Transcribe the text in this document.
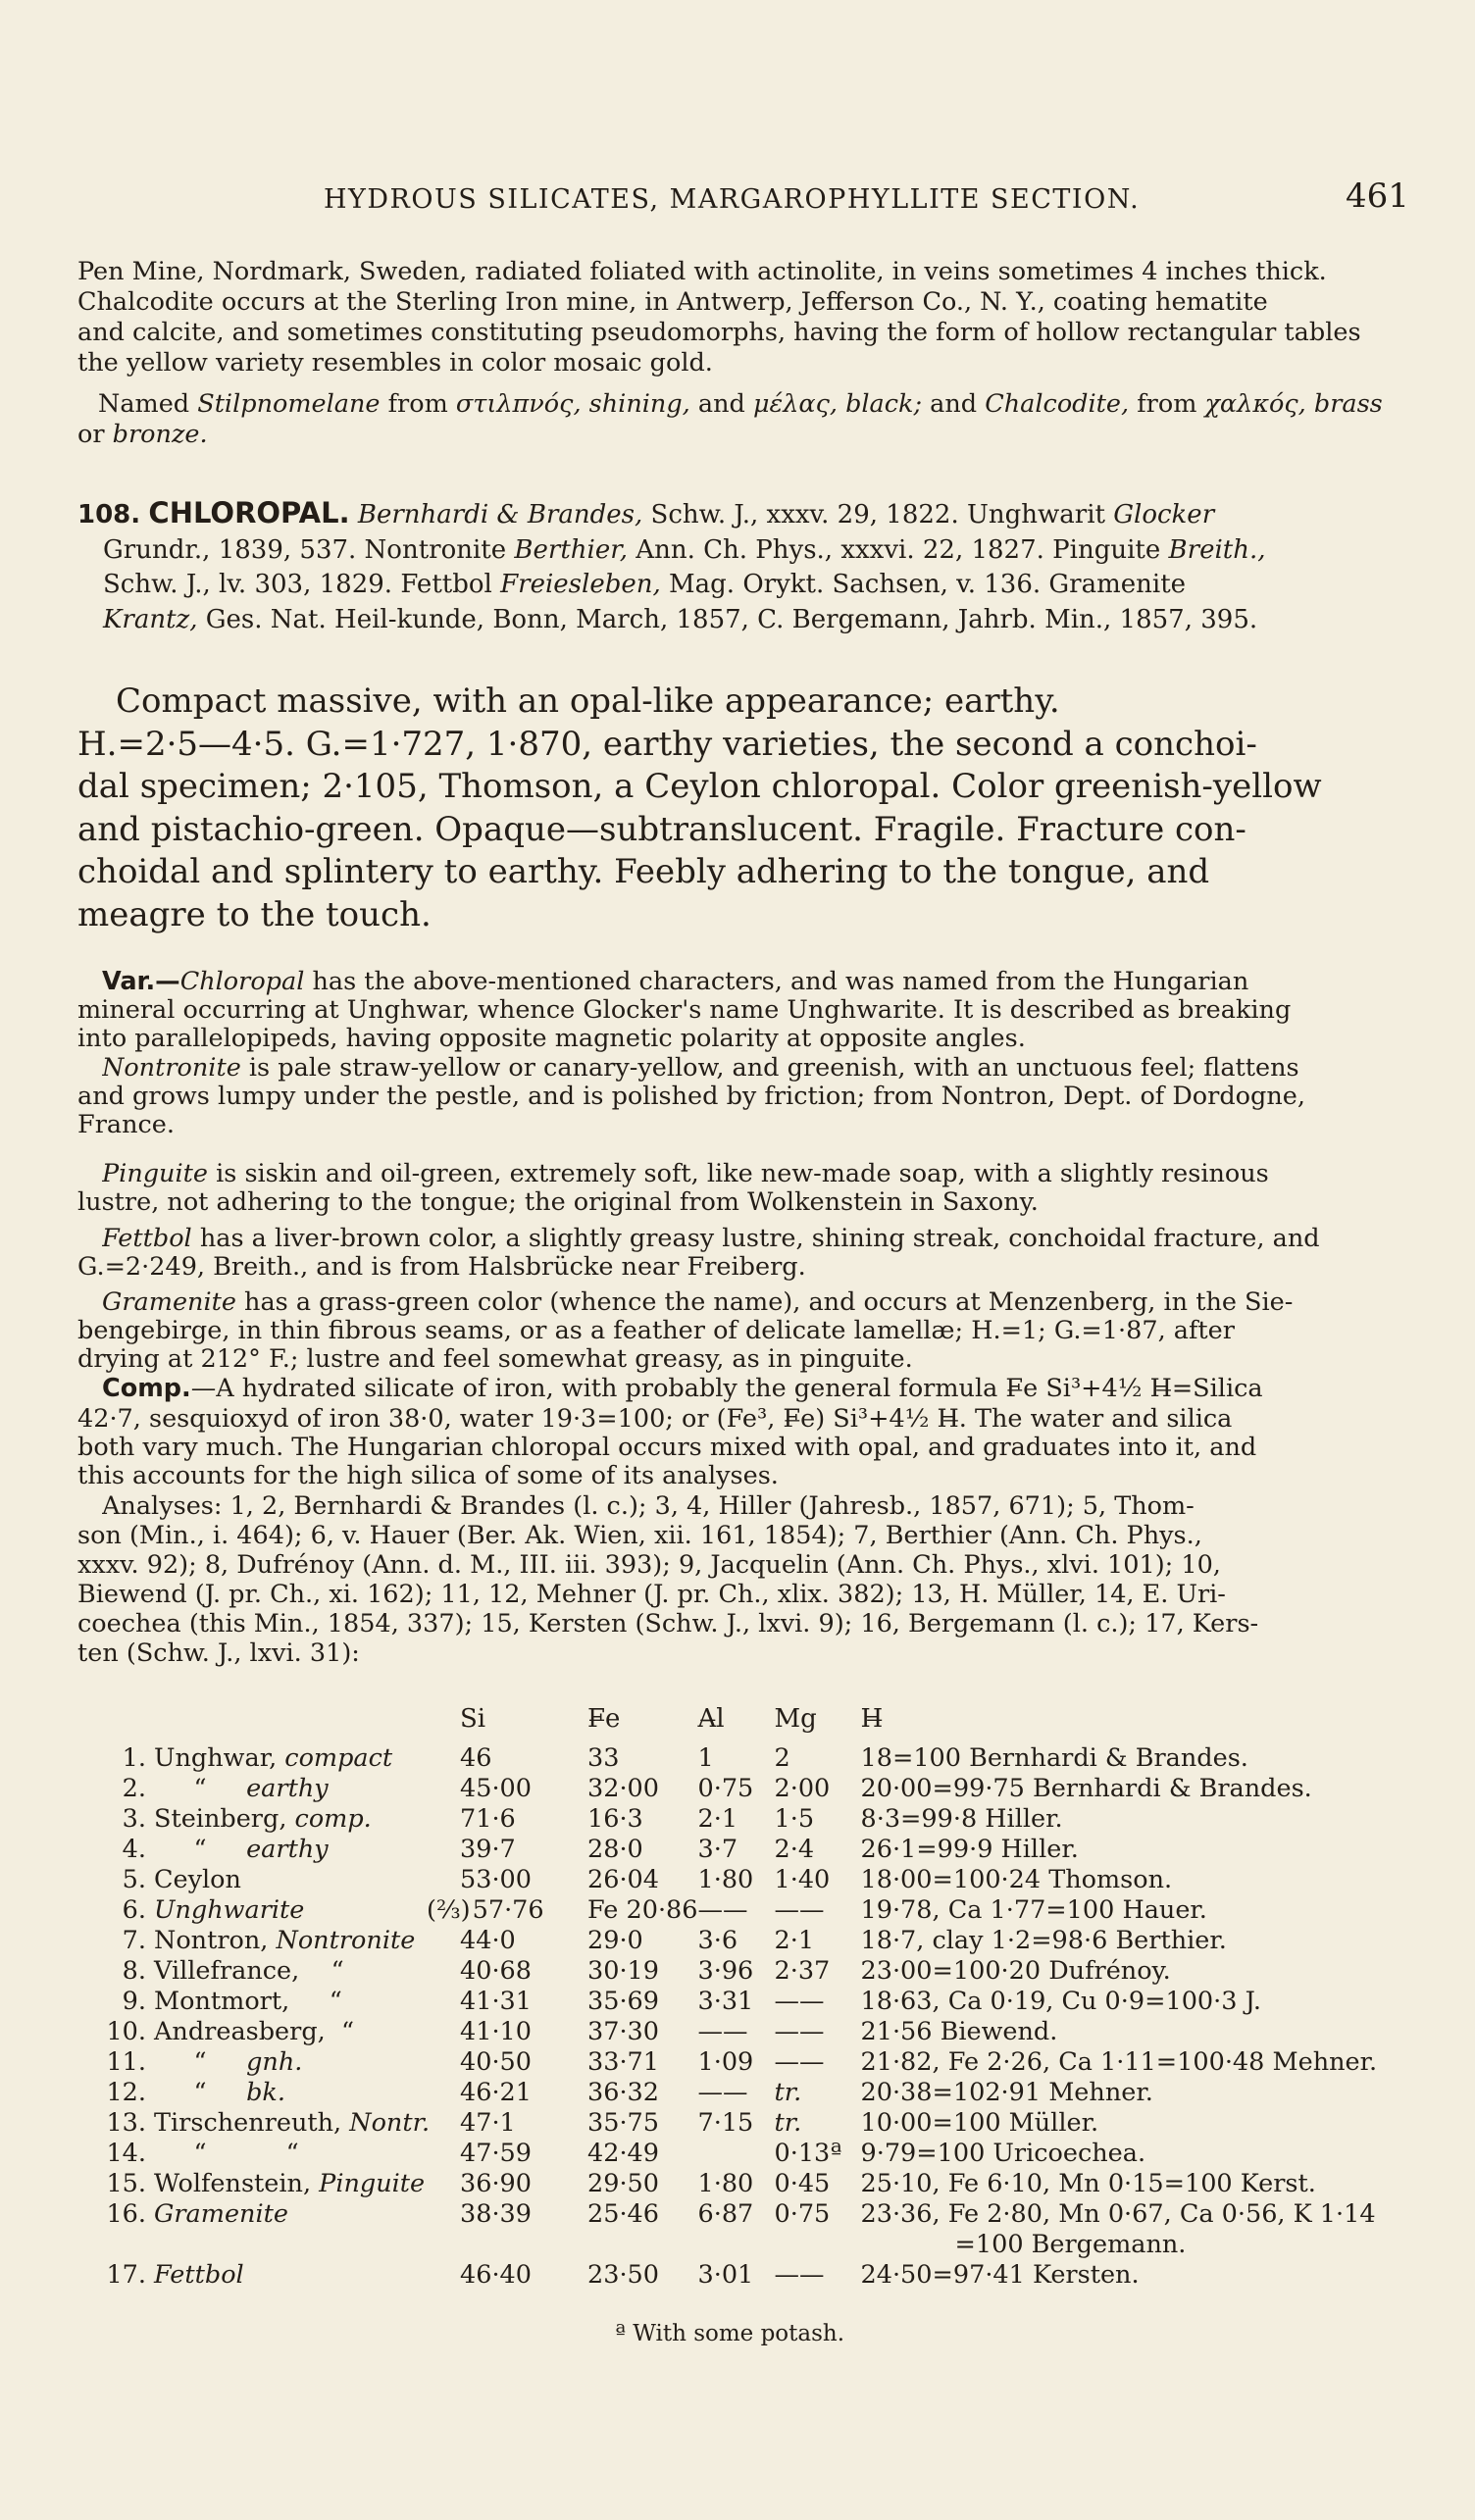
HYDROUS SILICATES, MARGAROPHYLLITE SECTION.	461
Pen Mine, Nordmark, Sweden, radiated foliated with actinolite, in veins sometimes 4 inches thick.
Chalcodite occurs at the Sterling Iron mine, in Antwerp, Jefferson Co., N. Y., coating hematite
and calcite, and sometimes constituting pseudomorphs, having the form of hollow rectangular tables
the yellow variety resembles in color mosaic gold.
Named Stilpnomelane from στιλπνός, shining, and μέλας, black; and Chalcodite, from χαλκός, brass
or bronze.
108. CHLOROPAL. Bernhardi & Brandes, Schw. J., xxxv. 29, 1822. Unghwarit Glocker
Grundr., 1839, 537. Nontronite Berthier, Ann. Ch. Phys., xxxvi. 22, 1827. Pinguite Breith.,
Schw. J., lv. 303, 1829. Fettbol Freiesleben, Mag. Orykt. Sachsen, v. 136. Gramenite
Krantz, Ges. Nat. Heil-kunde, Bonn, March, 1857, C. Bergemann, Jahrb. Min., 1857, 395.
Compact massive, with an opal-like appearance; earthy.
H.=2·5—4·5. G.=1·727, 1·870, earthy varieties, the second a conchoi-
dal specimen; 2·105, Thomson, a Ceylon chloropal. Color greenish-yellow
and pistachio-green. Opaque—subtranslucent. Fragile. Fracture con-
choidal and splintery to earthy. Feebly adhering to the tongue, and
meagre to the touch.
Var.—Chloropal has the above-mentioned characters, and was named from the Hungarian
mineral occurring at Unghwar, whence Glocker's name Unghwarite. It is described as breaking
into parallelopipeds, having opposite magnetic polarity at opposite angles.
Nontronite is pale straw-yellow or canary-yellow, and greenish, with an unctuous feel; flattens
and grows lumpy under the pestle, and is polished by friction; from Nontron, Dept. of Dordogne,
France.
Pinguite is siskin and oil-green, extremely soft, like new-made soap, with a slightly resinous
lustre, not adhering to the tongue; the original from Wolkenstein in Saxony.
Fettbol has a liver-brown color, a slightly greasy lustre, shining streak, conchoidal fracture, and
G.=2·249, Breith., and is from Halsbrücke near Freiberg.
Gramenite has a grass-green color (whence the name), and occurs at Menzenberg, in the Sie-
bengebirge, in thin fibrous seams, or as a feather of delicate lamellæ; H.=1; G.=1·87, after
drying at 212° F.; lustre and feel somewhat greasy, as in pinguite.
Comp.—A hydrated silicate of iron, with probably the general formula F̶e Si³+4½ H̶=Silica
42·7, sesquioxyd of iron 38·0, water 19·3=100; or (Fe³, F̶e) Si³+4½ H̶. The water and silica
both vary much. The Hungarian chloropal occurs mixed with opal, and graduates into it, and
this accounts for the high silica of some of its analyses.
Analyses: 1, 2, Bernhardi & Brandes (l. c.); 3, 4, Hiller (Jahresb., 1857, 671); 5, Thom-
son (Min., i. 464); 6, v. Hauer (Ber. Ak. Wien, xii. 161, 1854); 7, Berthier (Ann. Ch. Phys.,
xxxv. 92); 8, Dufrénoy (Ann. d. M., III. iii. 393); 9, Jacquelin (Ann. Ch. Phys., xlvi. 101); 10,
Biewend (J. pr. Ch., xi. 162); 11, 12, Mehner (J. pr. Ch., xlix. 382); 13, H. Müller, 14, E. Uri-
coechea (this Min., 1854, 337); 15, Kersten (Schw. J., lxvi. 9); 16, Bergemann (l. c.); 17, Kers-
ten (Schw. J., lxvi. 31):
		Si	F̶e	A̶l	Mg	H̶
1.	Unghwar, compact	46	33	1	2	18=100 Bernhardi & Brandes.
2.	“     earthy	45·00	32·00	0·75	2·00	20·00=99·75 Bernhardi & Brandes.
3.	Steinberg, comp.	71·6	16·3	2·1	1·5	8·3=99·8 Hiller.
4.	“     earthy	39·7	28·0	3·7	2·4	26·1=99·9 Hiller.
5.	Ceylon	53·00	26·04	1·80	1·40	18·00=100·24 Thomson.
6.	Unghwarite	(⅔)57·76	Fe 20·86	——	——	19·78, Ca 1·77=100 Hauer.
7.	Nontron, Nontronite	44·0	29·0	3·6	2·1	18·7, clay 1·2=98·6 Berthier.
8.	Villefrance,    “	40·68	30·19	3·96	2·37	23·00=100·20 Dufrénoy.
9.	Montmort,     “	41·31	35·69	3·31	——	18·63, Ca 0·19, Cu 0·9=100·3 J.
10.	Andreasberg,  “	41·10	37·30	——	——	21·56 Biewend.
11.	“     gnh.	40·50	33·71	1·09	——	21·82, Fe 2·26, Ca 1·11=100·48 Mehner.
12.	“     bk.	46·21	36·32	——	tr.	20·38=102·91 Mehner.
13.	Tirschenreuth, Nontr.	47·1	35·75	7·15	tr.	10·00=100 Müller.
14.	“          “	47·59	42·49		0·13ª	9·79=100 Uricoechea.
15.	Wolfenstein, Pinguite	36·90	29·50	1·80	0·45	25·10, Fe 6·10, Mn 0·15=100 Kerst.
16.	Gramenite	38·39	25·46	6·87	0·75	23·36, Fe 2·80, Mn 0·67, Ca 0·56, K 1·14
						=100 Bergemann.
17.	Fettbol	46·40	23·50	3·01	——	24·50=97·41 Kersten.
ª With some potash.
